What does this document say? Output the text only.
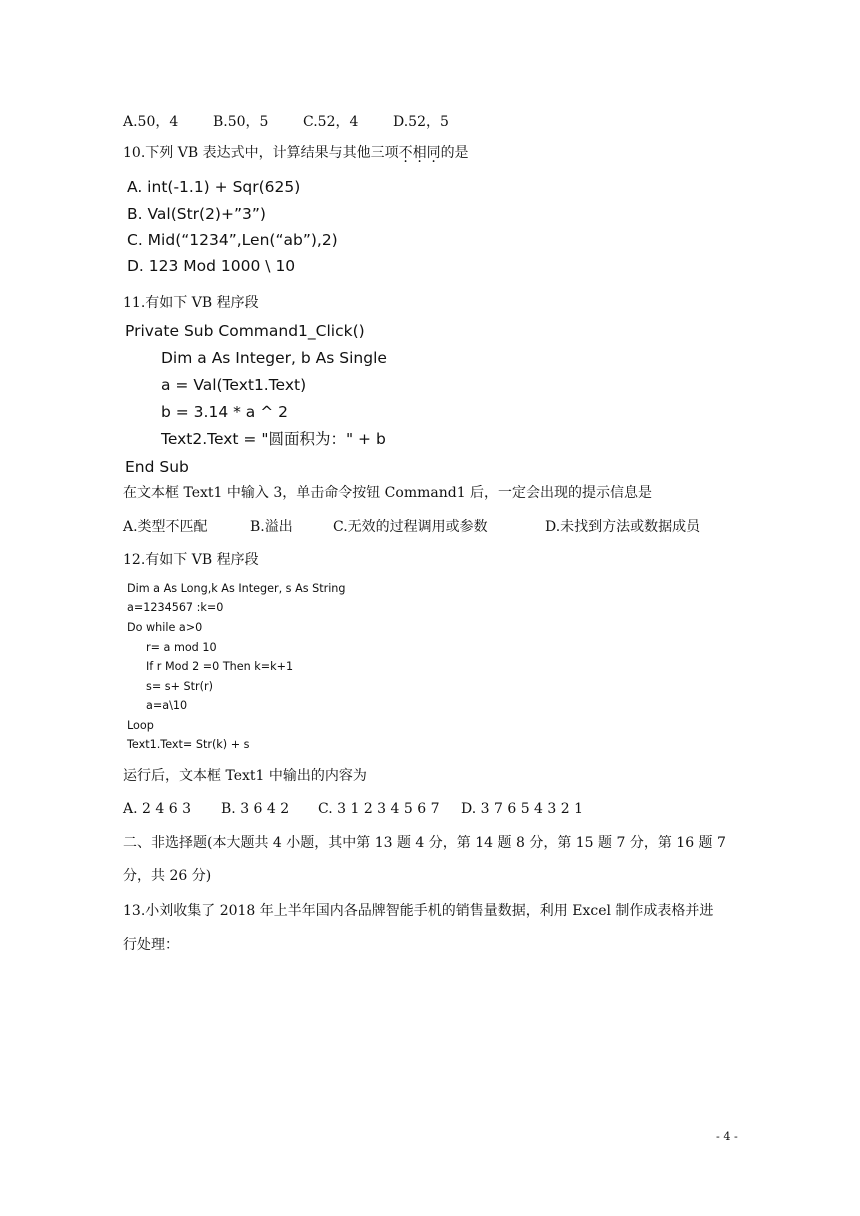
A.50，4 B.50，5 C.52，4 D.52，5
10.下列 VB 表达式中，计算结果与其他三项不相同的是
A. int(-1.1) + Sqr(625)
B. Val(Str(2)+”3”)
C. Mid(“1234”,Len(“ab”),2)
D. 123 Mod 1000 \ 10
11.有如下 VB 程序段
Private Sub Command1_Click()
Dim a As Integer, b As Single
a = Val(Text1.Text)
b = 3.14 * a ^ 2
Text2.Text = "圆面积为：" + b
End Sub
在文本框 Text1 中输入 3，单击命令按钮 Command1 后，一定会出现的提示信息是
A.类型不匹配	B.溢出	C.无效的过程调用或参数	D.未找到方法或数据成员
12.有如下 VB 程序段
Dim a As Long,k As Integer, s As String
a=1234567 :k=0
Do while a>0
r= a mod 10
If r Mod 2 =0 Then k=k+1
s= s+ Str(r)
a=a\10
Loop
Text1.Text= Str(k) + s
运行后，文本框 Text1 中输出的内容为
A. 2 4 6 3 B. 3 6 4 2 C. 3 1 2 3 4 5 6 7 D. 3 7 6 5 4 3 2 1
二、非选择题(本大题共 4 小题，其中第 13 题 4 分，第 14 题 8 分，第 15 题 7 分，第 16 题 7
分，共 26 分)
13.小刘收集了 2018 年上半年国内各品牌智能手机的销售量数据，利用 Excel 制作成表格并进
行处理：
- 4 -
